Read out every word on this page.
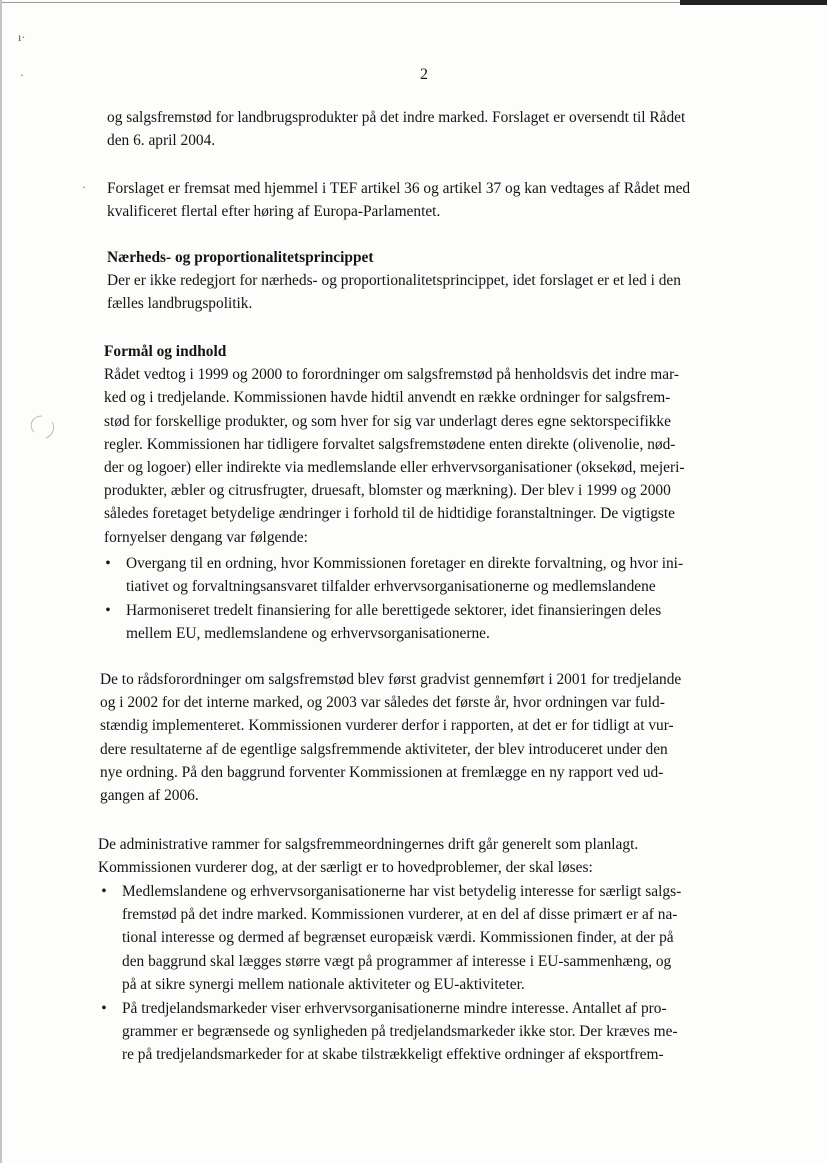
ı·
·
·
2
og salgsfremstød for landbrugsprodukter på det indre marked. Forslaget er oversendt til Rådet
den 6. april 2004.
Forslaget er fremsat med hjemmel i TEF artikel 36 og artikel 37 og kan vedtages af Rådet med
kvalificeret flertal efter høring af Europa-Parlamentet.
Nærheds- og proportionalitetsprincippet
Der er ikke redegjort for nærheds- og proportionalitetsprincippet, idet forslaget er et led i den
fælles landbrugspolitik.
Formål og indhold
Rådet vedtog i 1999 og 2000 to forordninger om salgsfremstød på henholdsvis det indre mar-
ked og i tredjelande. Kommissionen havde hidtil anvendt en række ordninger for salgsfrem-
stød for forskellige produkter, og som hver for sig var underlagt deres egne sektorspecifikke
regler. Kommissionen har tidligere forvaltet salgsfremstødene enten direkte (olivenolie, nød-
der og logoer) eller indirekte via medlemslande eller erhvervsorganisationer (oksekød, mejeri-
produkter, æbler og citrusfrugter, druesaft, blomster og mærkning). Der blev i 1999 og 2000
således foretaget betydelige ændringer i forhold til de hidtidige foranstaltninger. De vigtigste
fornyelser dengang var følgende:
• Overgang til en ordning, hvor Kommissionen foretager en direkte forvaltning, og hvor ini-
tiativet og forvaltningsansvaret tilfalder erhvervsorganisationerne og medlemslandene
• Harmoniseret tredelt finansiering for alle berettigede sektorer, idet finansieringen deles
mellem EU, medlemslandene og erhvervsorganisationerne.
De to rådsforordninger om salgsfremstød blev først gradvist gennemført i 2001 for tredjelande
og i 2002 for det interne marked, og 2003 var således det første år, hvor ordningen var fuld-
stændig implementeret. Kommissionen vurderer derfor i rapporten, at det er for tidligt at vur-
dere resultaterne af de egentlige salgsfremmende aktiviteter, der blev introduceret under den
nye ordning. På den baggrund forventer Kommissionen at fremlægge en ny rapport ved ud-
gangen af 2006.
De administrative rammer for salgsfremmeordningernes drift går generelt som planlagt.
Kommissionen vurderer dog, at der særligt er to hovedproblemer, der skal løses:
• Medlemslandene og erhvervsorganisationerne har vist betydelig interesse for særligt salgs-
fremstød på det indre marked. Kommissionen vurderer, at en del af disse primært er af na-
tional interesse og dermed af begrænset europæisk værdi. Kommissionen finder, at der på
den baggrund skal lægges større vægt på programmer af interesse i EU-sammenhæng, og
på at sikre synergi mellem nationale aktiviteter og EU-aktiviteter.
• På tredjelandsmarkeder viser erhvervsorganisationerne mindre interesse. Antallet af pro-
grammer er begrænsede og synligheden på tredjelandsmarkeder ikke stor. Der kræves me-
re på tredjelandsmarkeder for at skabe tilstrækkeligt effektive ordninger af eksportfrem-
